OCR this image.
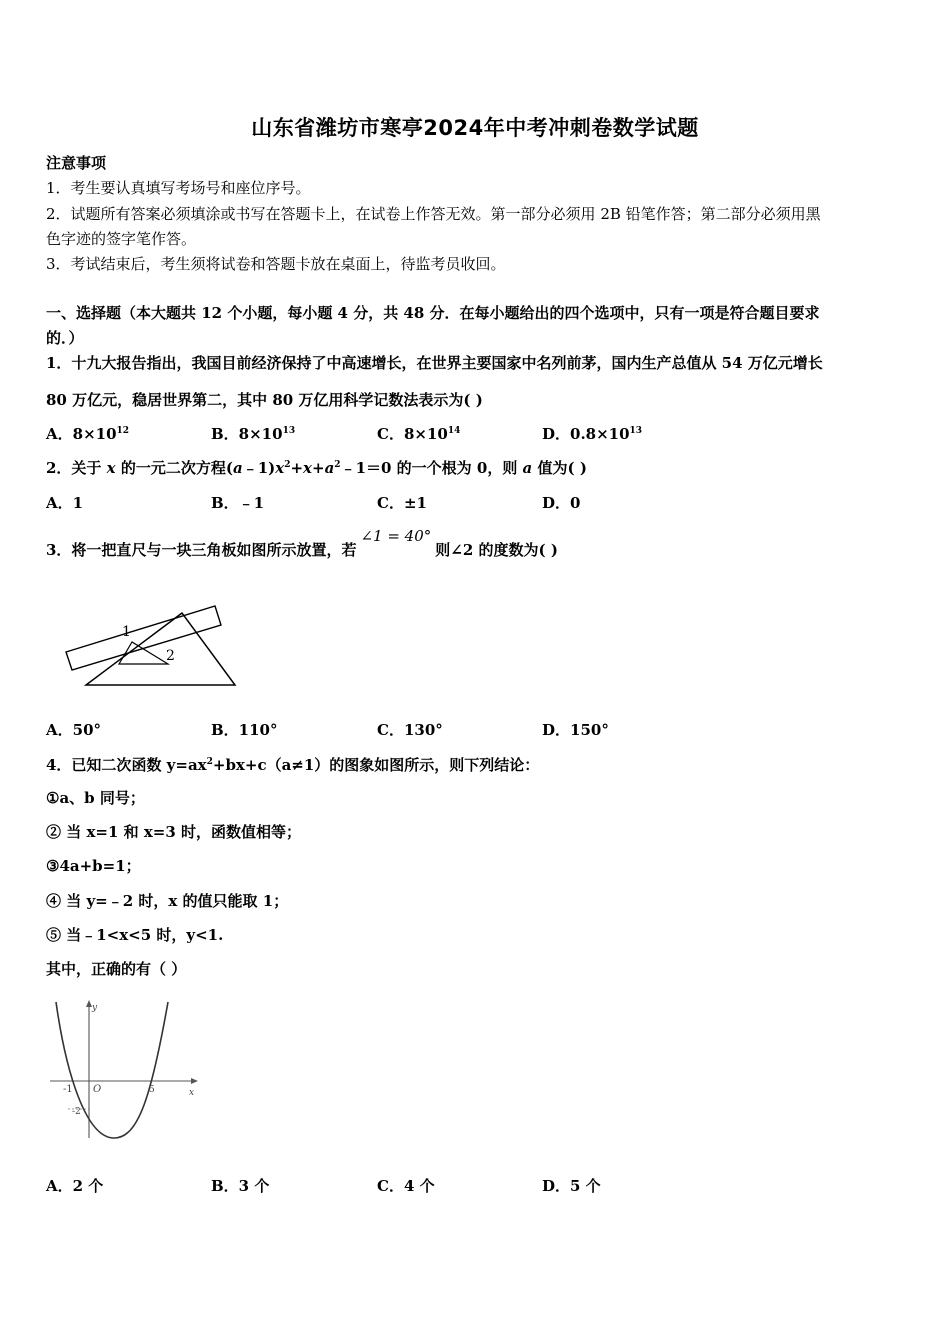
山东省潍坊市寒亭2024年中考冲刺卷数学试题
注意事项
1．考生要认真填写考场号和座位序号。
2．试题所有答案必须填涂或书写在答题卡上，在试卷上作答无效。第一部分必须用 2B 铅笔作答；第二部分必须用黑
色字迹的签字笔作答。
3．考试结束后，考生须将试卷和答题卡放在桌面上，待监考员收回。
一、选择题（本大题共 12 个小题，每小题 4 分，共 48 分．在每小题给出的四个选项中，只有一项是符合题目要求
的．）
1．十九大报告指出，我国目前经济保持了中高速增长，在世界主要国家中名列前茅，国内生产总值从 54 万亿元增长
80 万亿元，稳居世界第二，其中 80 万亿用科学记数法表示为( )
A．$8\times 10^{12}$	B．$8\times 10^{13}$	C．$8\times 10^{14}$	D．$0.8\times 10^{13}$
2．关于 x 的一元二次方程$(a﹣1)x^2+x+a^2﹣1=0$ 的一个根为 0，则 a 值为( )
A．1	B．﹣1	C．±1	D．0
3．将一把直尺与一块三角板如图所示放置，若∠1 = 40°则∠2 的度数为( )
1
2
A．50°	B．110°	C．130°	D．150°
4．已知二次函数 $y=ax^2+bx+c(a\ne 1)$的图象如图所示，则下列结论：
①a、b 同号；
② 当 x=1 和 x=3 时，函数值相等；
③4a+b=1；
④ 当 y=﹣2 时，x 的值只能取 1；
⑤ 当﹣1<x<5 时，y<1.
其中，正确的有（ ）
y
x
O
-1	5
-2
A．2 个	B．3 个	C．4 个	D．5 个
